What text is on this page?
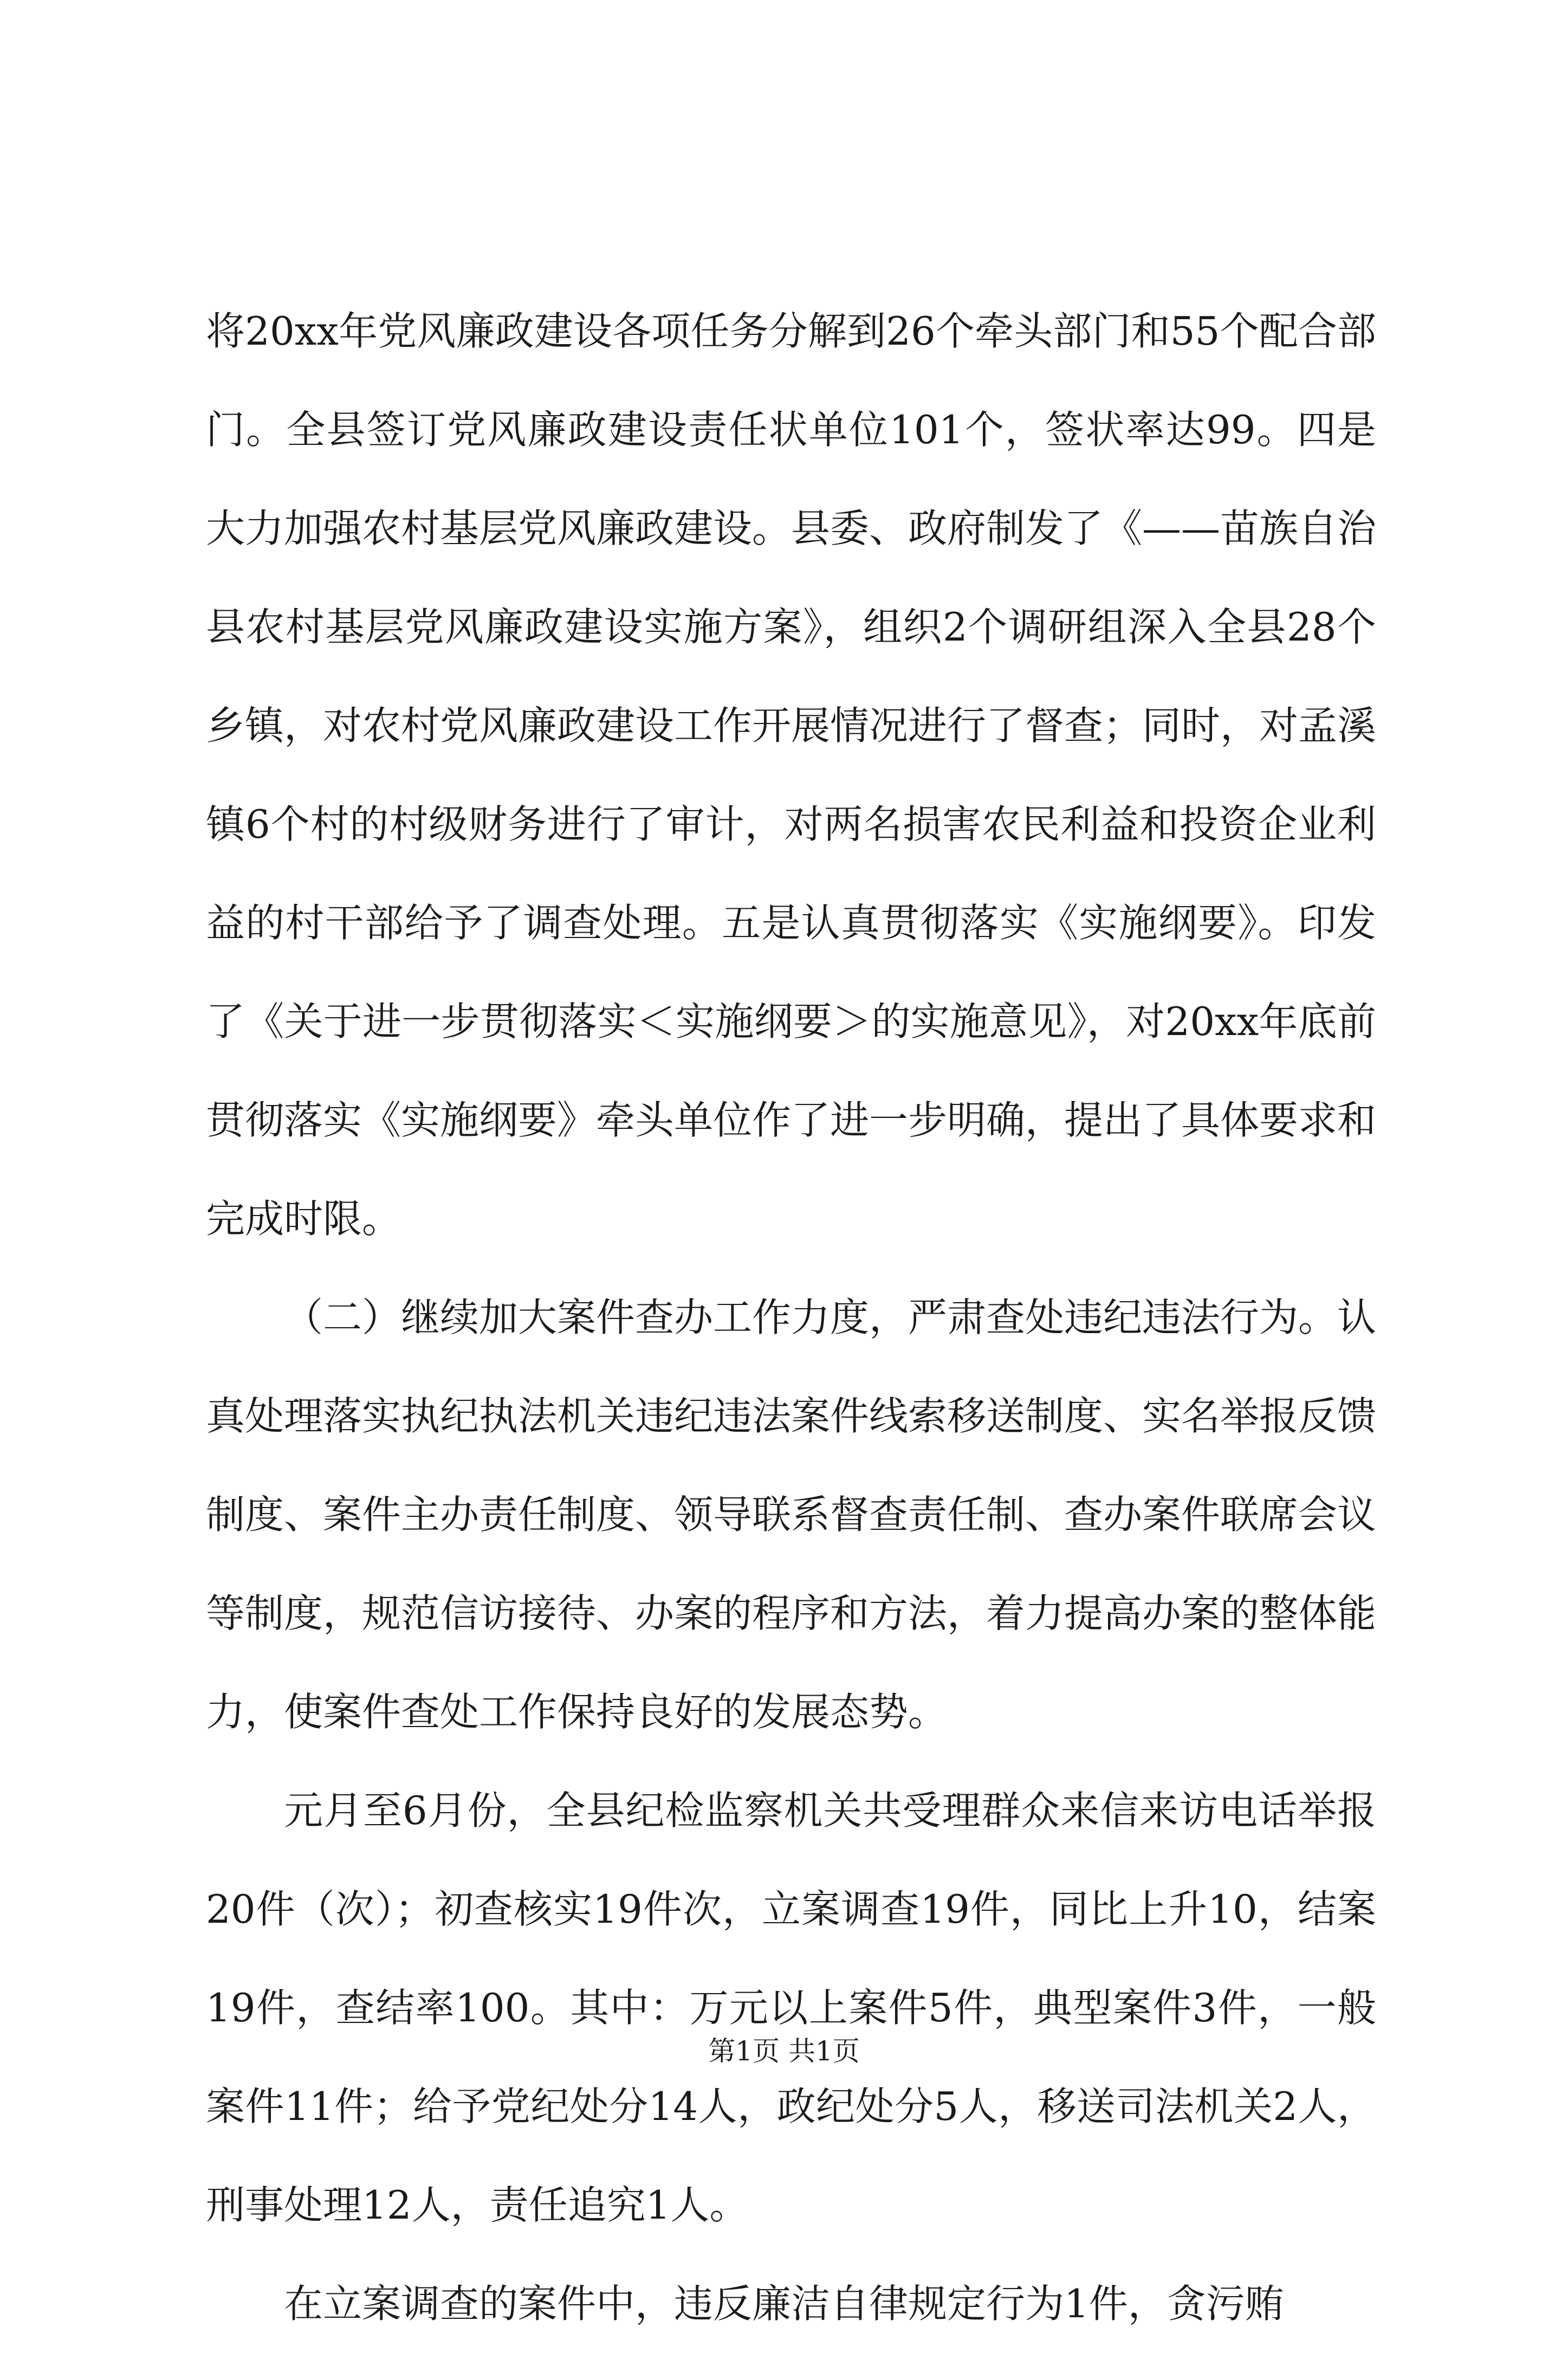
将20xx年党风廉政建设各项任务分解到26个牵头部门和55个配合部门。全县签订党风廉政建设责任状单位101个，签状率达99。四是大力加强农村基层党风廉政建设。县委、政府制发了《——苗族自治县农村基层党风廉政建设实施方案》，组织2个调研组深入全县28个乡镇，对农村党风廉政建设工作开展情况进行了督查；同时，对孟溪镇6个村的村级财务进行了审计，对两名损害农民利益和投资企业利益的村干部给予了调查处理。五是认真贯彻落实《实施纲要》。印发了《关于进一步贯彻落实＜实施纲要＞的实施意见》，对20xx年底前贯彻落实《实施纲要》牵头单位作了进一步明确，提出了具体要求和完成时限。

（二）继续加大案件查办工作力度，严肃查处违纪违法行为。认真处理落实执纪执法机关违纪违法案件线索移送制度、实名举报反馈制度、案件主办责任制度、领导联系督查责任制、查办案件联席会议等制度，规范信访接待、办案的程序和方法，着力提高办案的整体能力，使案件查处工作保持良好的发展态势。

元月至6月份，全县纪检监察机关共受理群众来信来访电话举报20件（次）；初查核实19件次，立案调查19件，同比上升10，结案19件，查结率100。其中：万元以上案件5件，典型案件3件，一般案件11件；给予党纪处分14人，政纪处分5人，移送司法机关2人，刑事处理12人，责任追究1人。

在立案调查的案件中，违反廉洁自律规定行为1件，贪污贿

第1页 共1页
